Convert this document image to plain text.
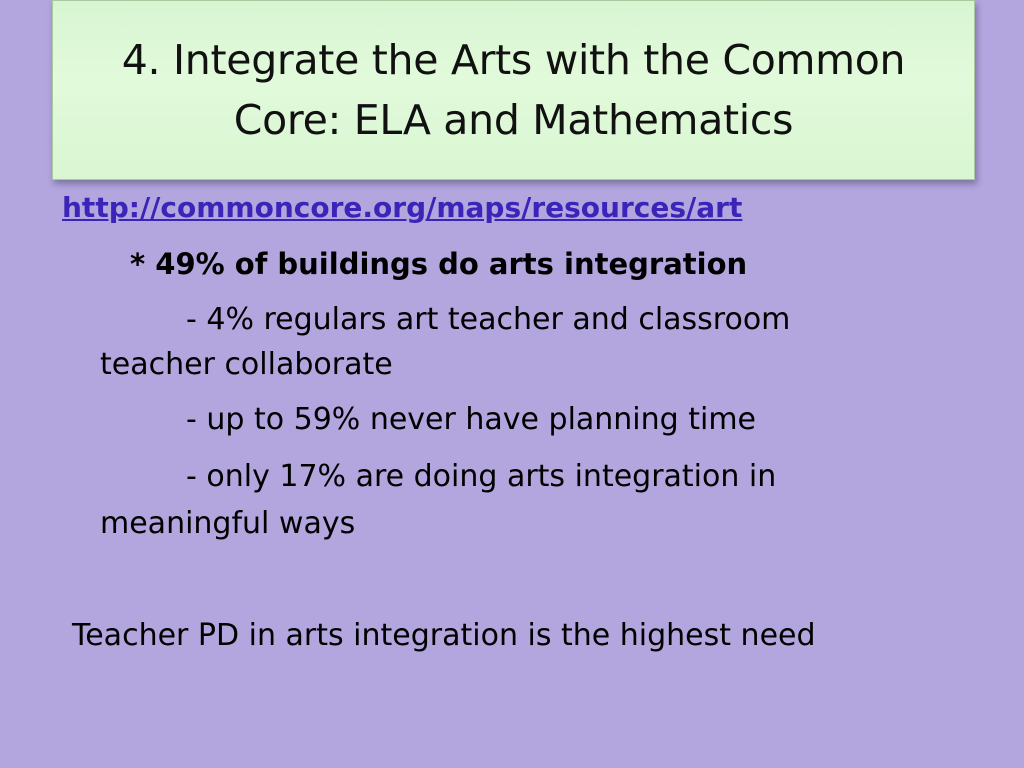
4. Integrate the Arts with the Common
Core: ELA and Mathematics
http://commoncore.org/maps/resources/art
* 49% of buildings do arts integration
- 4% regulars art teacher and classroom
teacher collaborate
- up to 59% never have planning time
- only 17% are doing arts integration in
meaningful ways
Teacher PD in arts integration is the highest need
